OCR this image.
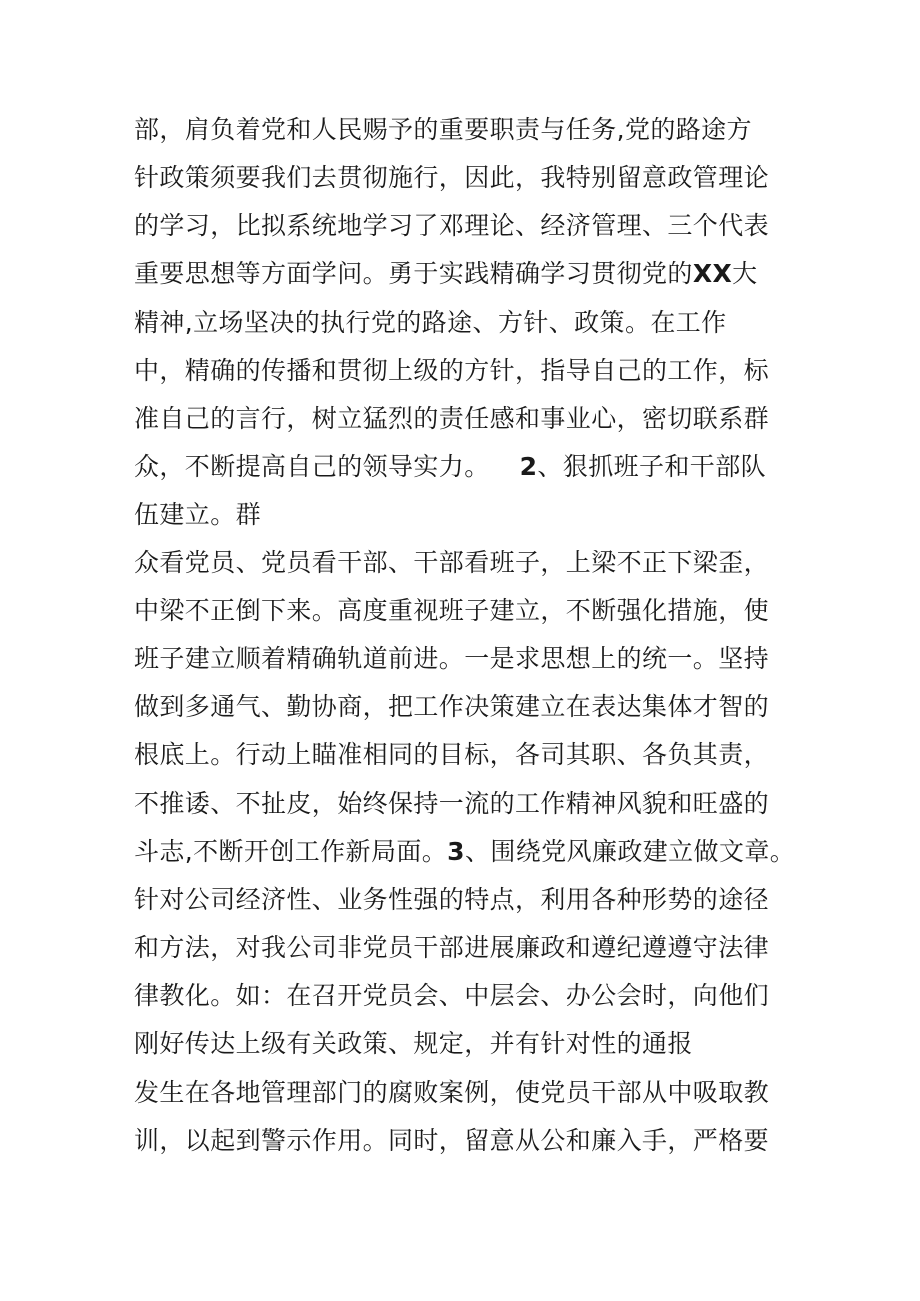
部，肩负着党和人民赐予的重要职责与任务,党的路途方
针政策须要我们去贯彻施行，因此，我特别留意政管理论
的学习，比拟系统地学习了邓理论、经济管理、三个代表
重要思想等方面学问。勇于实践精确学习贯彻党的XX大
精神,立场坚决的执行党的路途、方针、政策。在工作
中，精确的传播和贯彻上级的方针，指导自己的工作，标
准自己的言行，树立猛烈的责任感和事业心，密切联系群
众，不断提高自己的领导实力。 2、狠抓班子和干部队
伍建立。群
众看党员、党员看干部、干部看班子，上梁不正下梁歪，
中梁不正倒下来。高度重视班子建立，不断强化措施，使
班子建立顺着精确轨道前进。一是求思想上的统一。坚持
做到多通气、勤协商，把工作决策建立在表达集体才智的
根底上。行动上瞄准相同的目标，各司其职、各负其责，
不推诿、不扯皮，始终保持一流的工作精神风貌和旺盛的
斗志,不断开创工作新局面。3、围绕党风廉政建立做文章。
针对公司经济性、业务性强的特点，利用各种形势的途径
和方法，对我公司非党员干部进展廉政和遵纪遵遵守法律
律教化。如：在召开党员会、中层会、办公会时，向他们
刚好传达上级有关政策、规定，并有针对性的通报
发生在各地管理部门的腐败案例，使党员干部从中吸取教
训，以起到警示作用。同时，留意从公和廉入手，严格要
